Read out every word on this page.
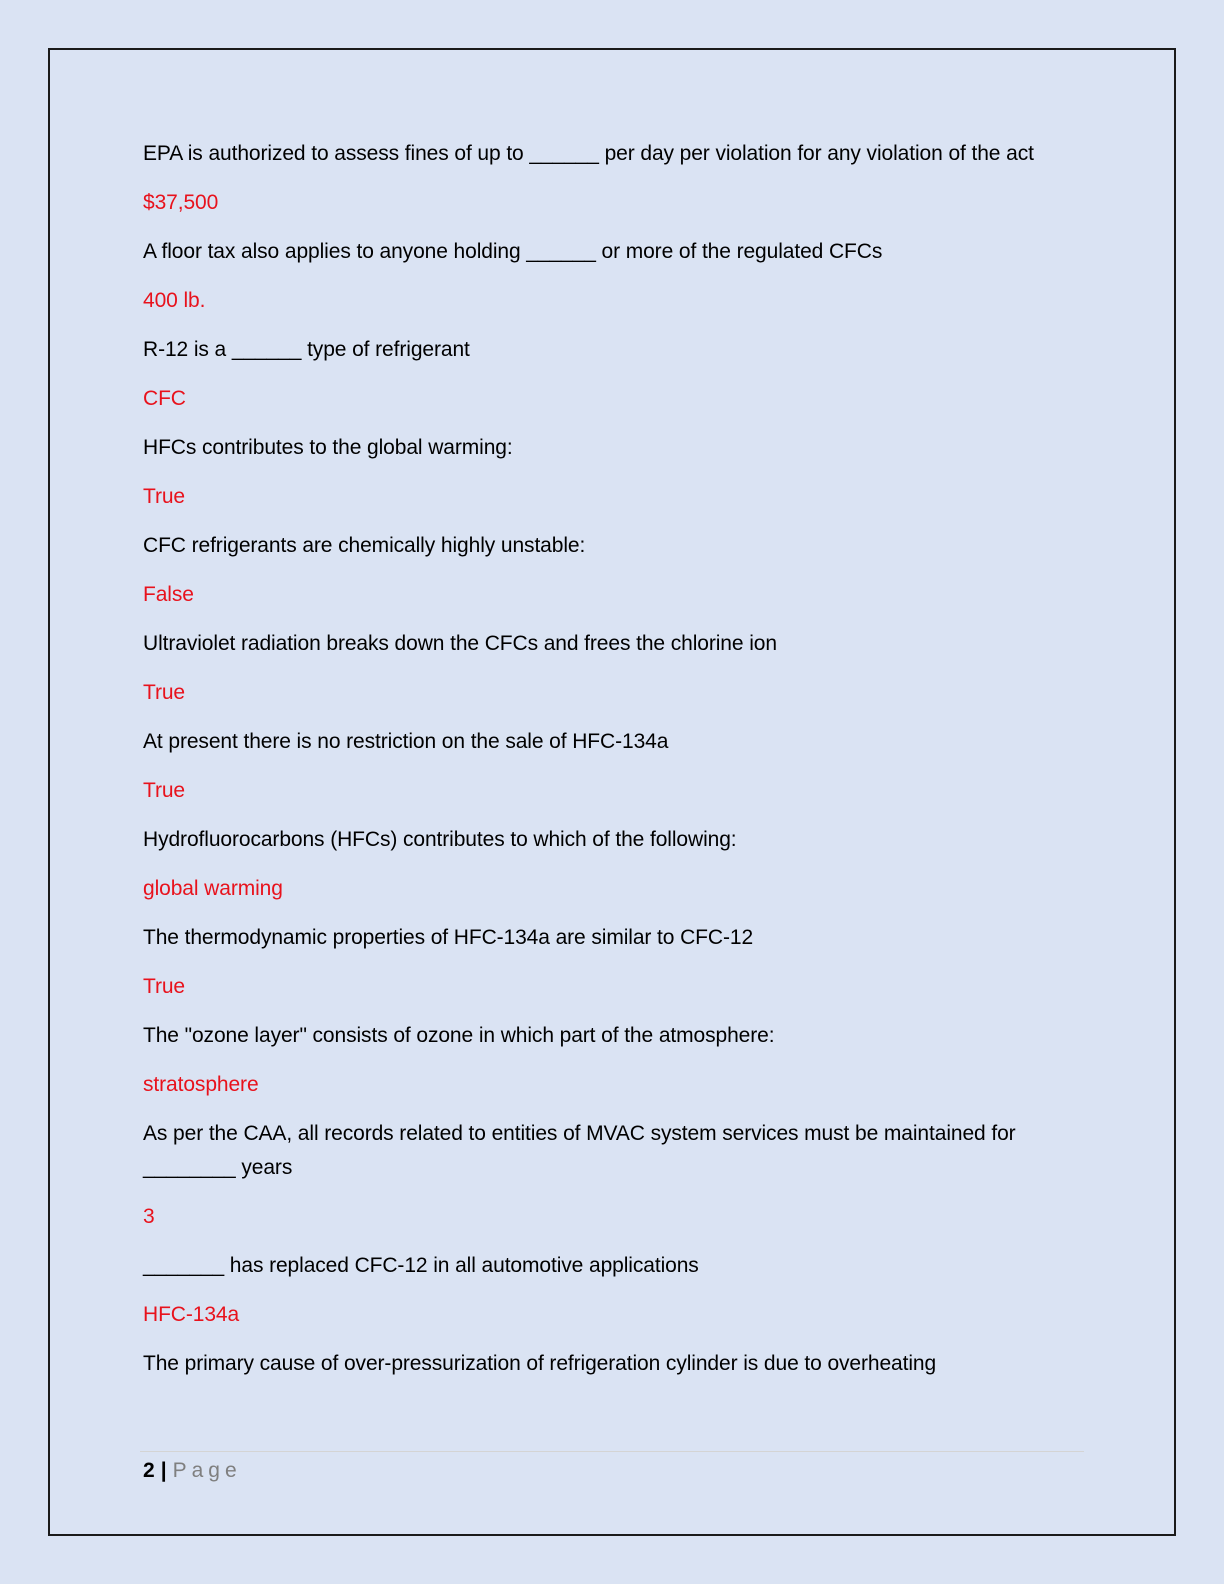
EPA is authorized to assess fines of up to ______ per day per violation for any violation of the act

$37,500

A floor tax also applies to anyone holding ______ or more of the regulated CFCs

400 lb.

R-12 is a ______ type of refrigerant

CFC

HFCs contributes to the global warming:

True

CFC refrigerants are chemically highly unstable:

False

Ultraviolet radiation breaks down the CFCs and frees the chlorine ion

True

At present there is no restriction on the sale of HFC-134a

True

Hydrofluorocarbons (HFCs) contributes to which of the following:

global warming

The thermodynamic properties of HFC-134a are similar to CFC-12

True

The "ozone layer" consists of ozone in which part of the atmosphere:

stratosphere

As per the CAA, all records related to entities of MVAC system services must be maintained for ________ years

3

_______ has replaced CFC-12 in all automotive applications

HFC-134a

The primary cause of over-pressurization of refrigeration cylinder is due to overheating

2 | Page
